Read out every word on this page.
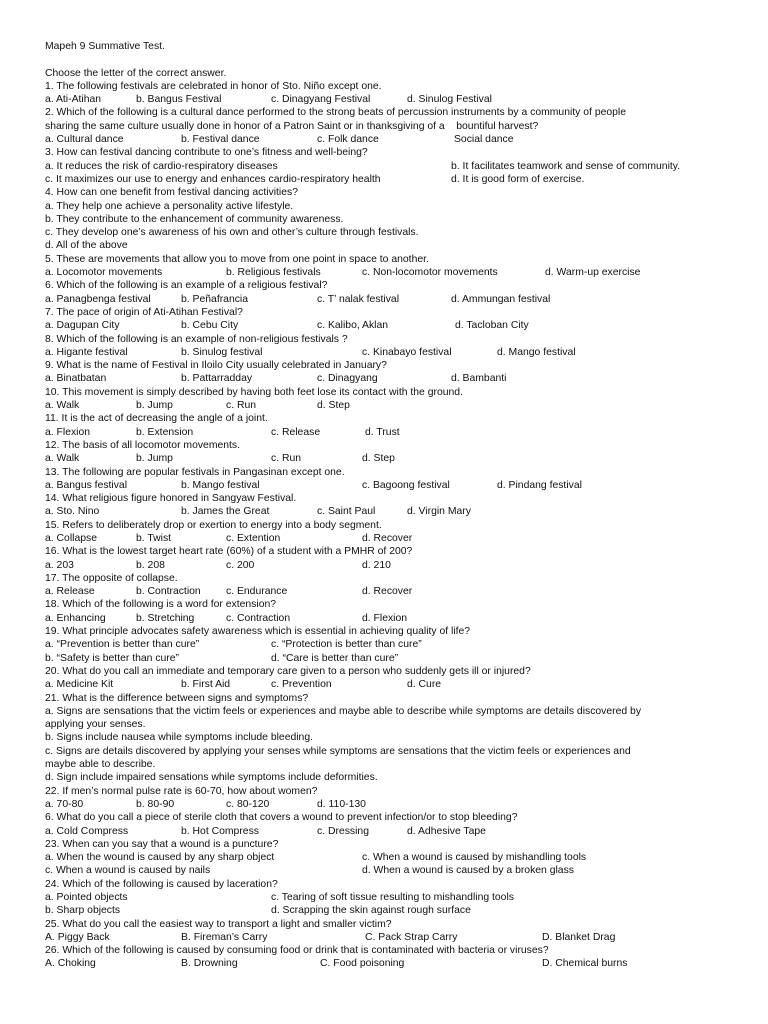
Mapeh 9 Summative Test.
Choose the letter of the correct answer.
1. The following festivals are celebrated in honor of Sto. Niño except one.
a. Ati-Atihan	b. Bangus Festival	c. Dinagyang Festival	d. Sinulog Festival
2. Which of the following is a cultural dance performed to the strong beats of percussion instruments by a community of people
sharing the same culture usually done in honor of a Patron Saint or in thanksgiving of a    bountiful harvest?
a. Cultural dance	b. Festival dance	c. Folk dance	Social dance
3. How can festival dancing contribute to one’s fitness and well-being?
a. It reduces the risk of cardio-respiratory diseases	b. It facilitates teamwork and sense of community.
c. It maximizes our use to energy and enhances cardio-respiratory health	d. It is good form of exercise.
4. How can one benefit from festival dancing activities?
a. They help one achieve a personality active lifestyle.
b. They contribute to the enhancement of community awareness.
c. They develop one’s awareness of his own and other’s culture through festivals.
d. All of the above
5. These are movements that allow you to move from one point in space to another.
a. Locomotor movements	b. Religious festivals	c. Non-locomotor movements	d. Warm-up exercise
6. Which of the following is an example of a religious festival?
a. Panagbenga festival	b. Peñafrancia	c. T’ nalak festival	d. Ammungan festival
7. The pace of origin of Ati-Atihan Festival?
a. Dagupan City	b. Cebu City	c. Kalibo, Aklan	d. Tacloban City
8. Which of the following is an example of non-religious festivals ?
a. Higante festival	b. Sinulog festival	c. Kinabayo festival	d. Mango festival
9. What is the name of Festival in Iloilo City usually celebrated in January?
a. Binatbatan	b. Pattarradday	c. Dinagyang	d. Bambanti
10. This movement is simply described by having both feet lose its contact with the ground.
a. Walk	b. Jump	c. Run	d. Step
11. It is the act of decreasing the angle of a joint.
a. Flexion	b. Extension	c. Release	d. Trust
12. The basis of all locomotor movements.
a. Walk	b. Jump	c. Run	d. Step
13. The following are popular festivals in Pangasinan except one.
a. Bangus festival	b. Mango festival	c. Bagoong festival	d. Pindang festival
14. What religious figure honored in Sangyaw Festival.
a. Sto. Nino	b. James the Great	c. Saint Paul	d. Virgin Mary
15. Refers to deliberately drop or exertion to energy into a body segment.
a. Collapse	b. Twist	c. Extention	d. Recover
16. What is the lowest target heart rate (60%) of a student with a PMHR of 200?
a. 203	b. 208	c. 200	d. 210
17. The opposite of collapse.
a. Release	b. Contraction c. Endurance	d. Recover
18. Which of the following is a word for extension?
a. Enhancing	b. Stretching	c. Contraction	d. Flexion
19. What principle advocates safety awareness which is essential in achieving quality of life?
a. “Prevention is better than cure”	c. “Protection is better than cure”
b. “Safety is better than cure”	d. “Care is better than cure”
20. What do you call an immediate and temporary care given to a person who suddenly gets ill or injured?
a. Medicine Kit	b. First Aid	c. Prevention	d. Cure
21. What is the difference between signs and symptoms?
a. Signs are sensations that the victim feels or experiences and maybe able to describe while symptoms are details discovered by
applying your senses.
b. Signs include nausea while symptoms include bleeding.
c. Signs are details discovered by applying your senses while symptoms are sensations that the victim feels or experiences and
maybe able to describe.
d. Sign include impaired sensations while symptoms include deformities.
22. If men’s normal pulse rate is 60-70, how about women?
a. 70-80	b. 80-90	c. 80-120	d. 110-130
6. What do you call a piece of sterile cloth that covers a wound to prevent infection/or to stop bleeding?
a. Cold Compress	b. Hot Compress	c. Dressing	d. Adhesive Tape
23. When can you say that a wound is a puncture?
a. When the wound is caused by any sharp object	c. When a wound is caused by mishandling tools
c. When a wound is caused by nails	d. When a wound is caused by a broken glass
24. Which of the following is caused by laceration?
a. Pointed objects	c. Tearing of soft tissue resulting to mishandling tools
b. Sharp objects	d. Scrapping the skin against rough surface
25. What do you call the easiest way to transport a light and smaller victim?
A. Piggy Back	B. Fireman’s Carry	C. Pack Strap Carry	D. Blanket Drag
26. Which of the following is caused by consuming food or drink that is contaminated with bacteria or viruses?
A. Choking	B. Drowning	C. Food poisoning	D. Chemical burns
